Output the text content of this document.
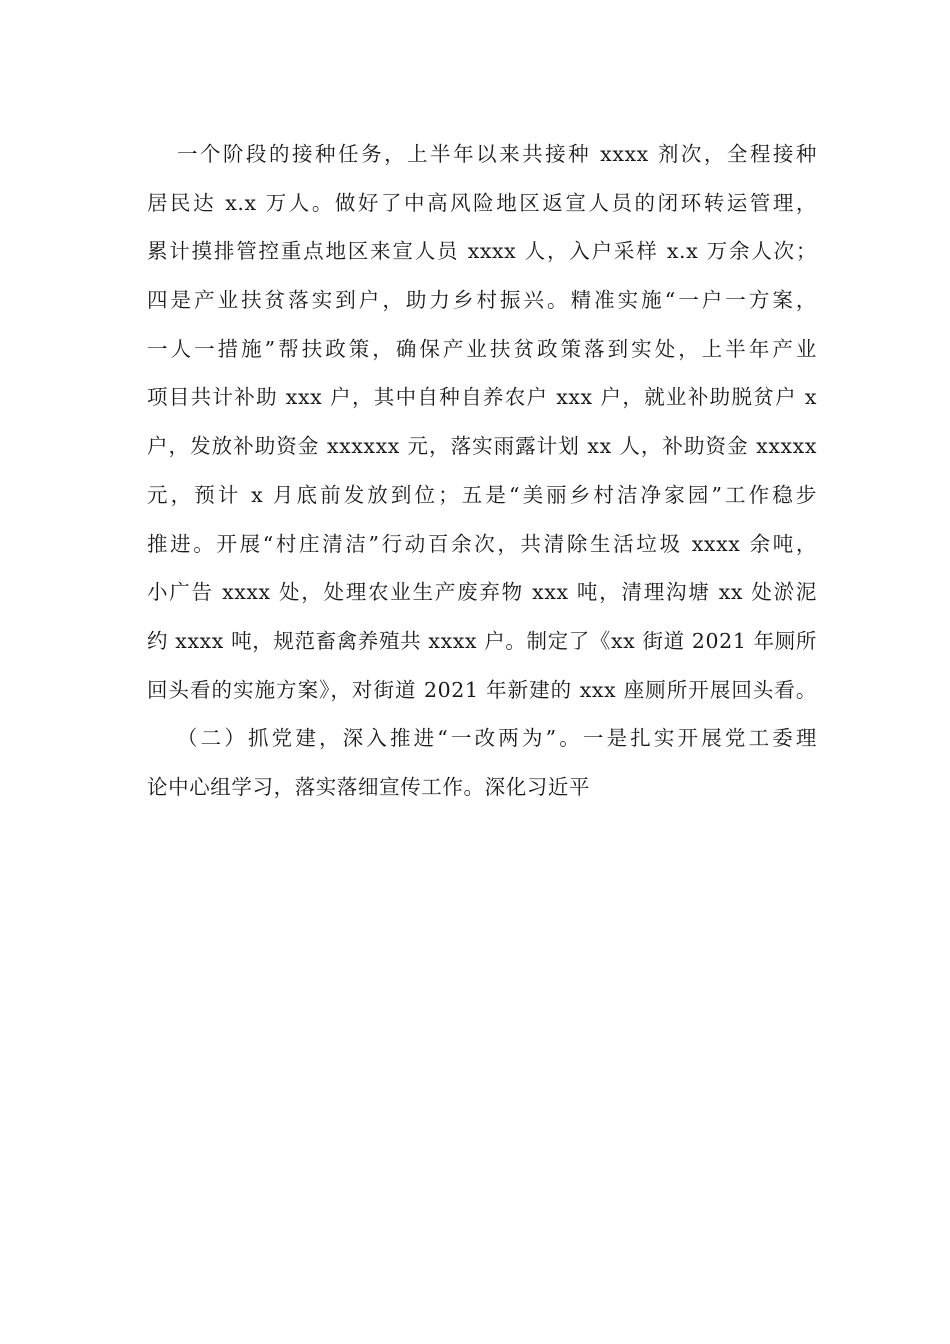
一个阶段的接种任务，上半年以来共接种 xxxx 剂次，全程接种
居民达 x.x 万人。做好了中高风险地区返宣人员的闭环转运管理，
累计摸排管控重点地区来宣人员 xxxx 人，入户采样 x.x 万余人次；
四是产业扶贫落实到户，助力乡村振兴。精准实施“一户一方案，
一人一措施”帮扶政策，确保产业扶贫政策落到实处，上半年产业
项目共计补助 xxx 户，其中自种自养农户 xxx 户，就业补助脱贫户 x
户，发放补助资金 xxxxxx 元，落实雨露计划 xx 人，补助资金 xxxxx
元，预计 x 月底前发放到位；五是“美丽乡村洁净家园”工作稳步
推进。开展“村庄清洁”行动百余次，共清除生活垃圾 xxxx 余吨，
小广告 xxxx 处，处理农业生产废弃物 xxx 吨，清理沟塘 xx 处淤泥
约 xxxx 吨，规范畜禽养殖共 xxxx 户。制定了《xx 街道 2021 年厕所
回头看的实施方案》，对街道 2021 年新建的 xxx 座厕所开展回头看。
（二）抓党建，深入推进“一改两为”。一是扎实开展党工委理
论中心组学习，落实落细宣传工作。深化习近平
